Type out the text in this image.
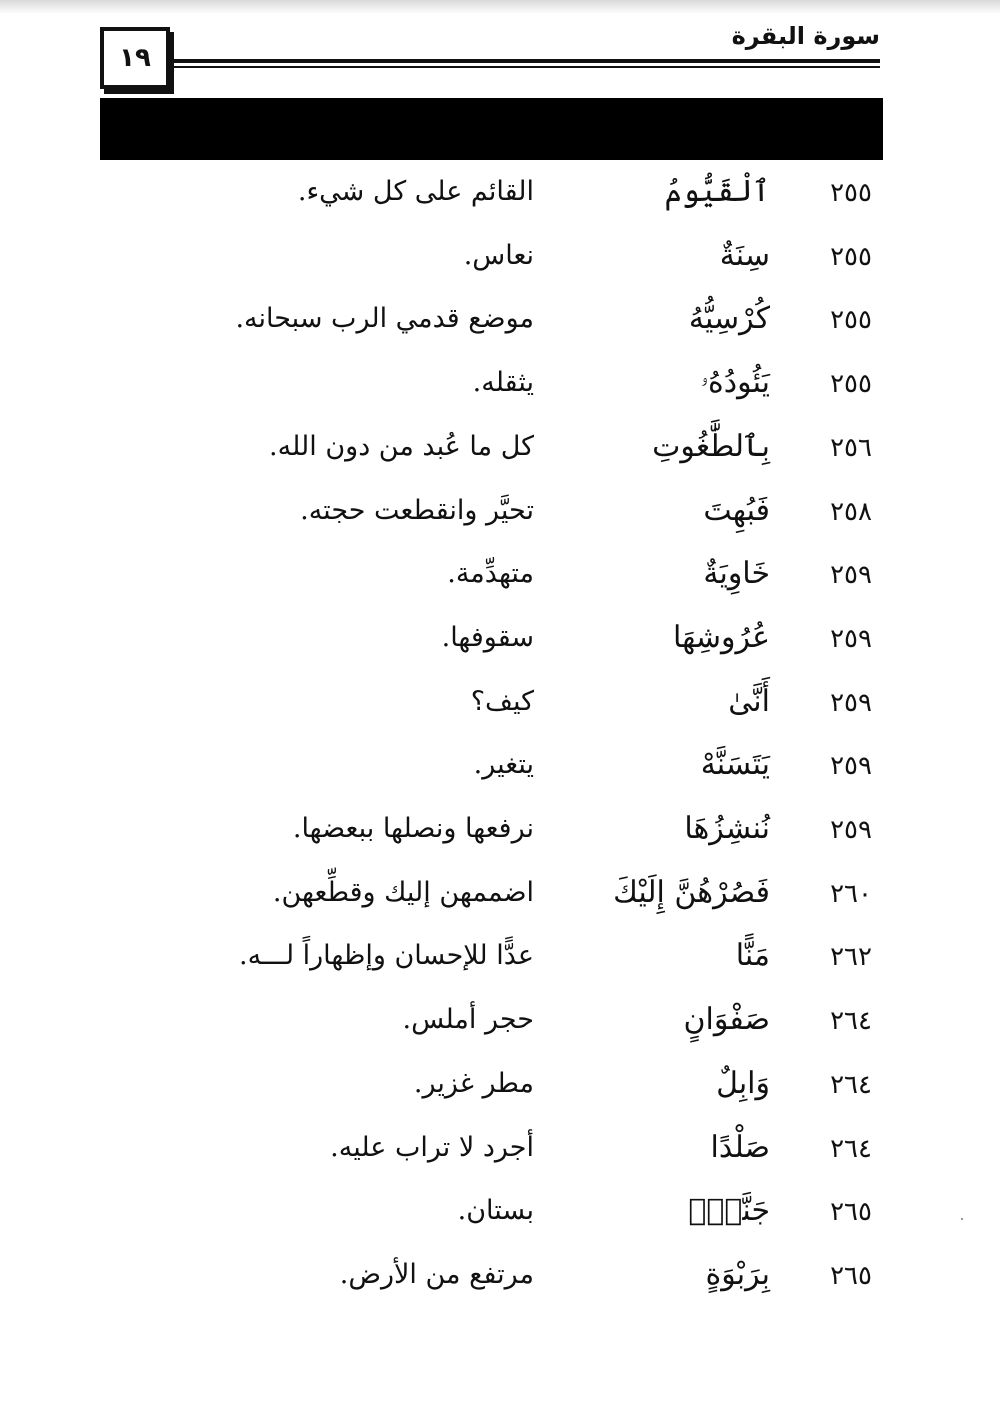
سورة البقرة
١٩
٢٥٥
ٱلْقَيُّومُ
القائم على كل شيء.
٢٥٥
سِنَةٌ
نعاس.
٢٥٥
كُرْسِيُّهُ
موضع قدمي الرب سبحانه.
٢٥٥
يَئُودُهُۥ
يثقله.
٢٥٦
بِٱلطَّٰغُوتِ
كل ما عُبد من دون الله.
٢٥٨
فَبُهِتَ
تحيَّر وانقطعت حجته.
٢٥٩
خَاوِيَةٌ
متهدِّمة.
٢٥٩
عُرُوشِهَا
سقوفها.
٢٥٩
أَنَّىٰ
كيف؟
٢٥٩
يَتَسَنَّهْ
يتغير.
٢٥٩
نُنشِزُهَا
نرفعها ونصلها ببعضها.
٢٦٠
فَصُرْهُنَّ إِلَيْكَ
اضممهن إليك وقطِّعهن.
٢٦٢
مَنًّا
عدًّا للإحسان وإظهاراً لـــه.
٢٦٤
صَفْوَانٍ
حجر أملس.
٢٦٤
وَابِلٌ
مطر غزير.
٢٦٤
صَلْدًا
أجرد لا تراب عليه.
٢٦٥
جَنَّةٍۭ
بستان.
٢٦٥
بِرَبْوَةٍ
مرتفع من الأرض.
